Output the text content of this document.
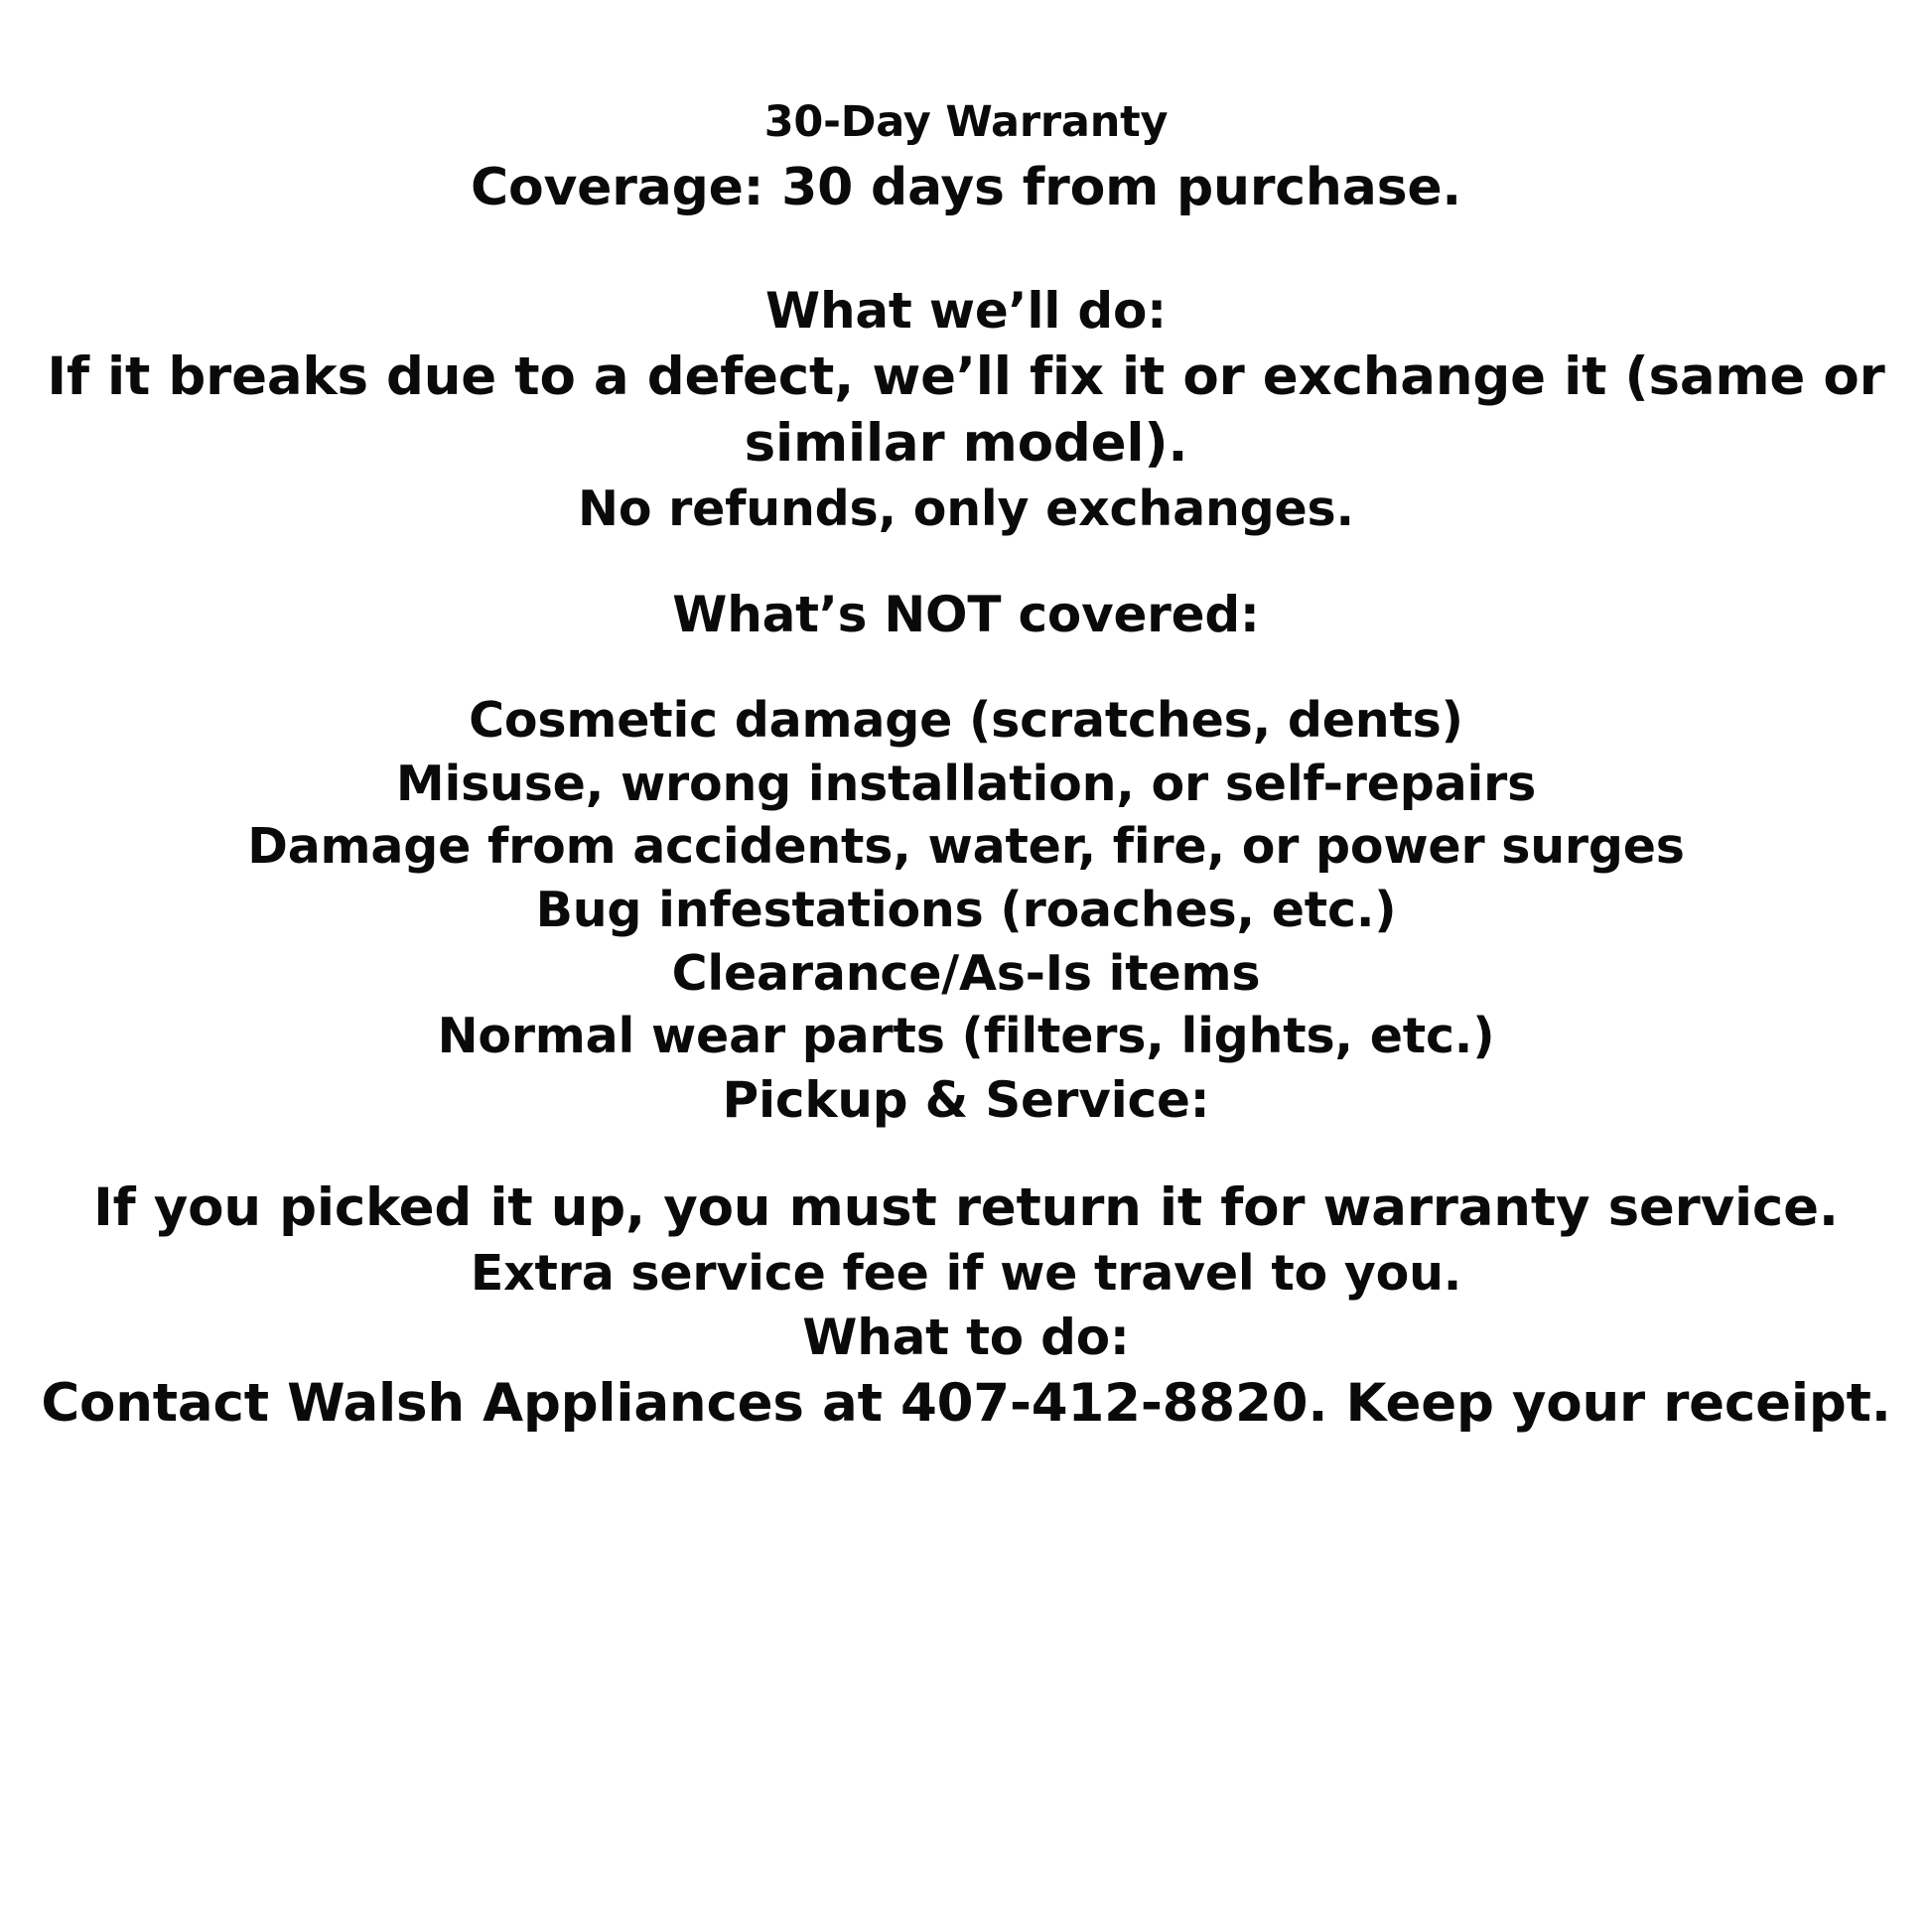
30-Day Warranty

Coverage: 30 days from purchase.

What we’ll do:

If it breaks due to a defect, we’ll fix it or exchange it (same or similar model).

No refunds, only exchanges.

What’s NOT covered:

Cosmetic damage (scratches, dents)

Misuse, wrong installation, or self-repairs

Damage from accidents, water, fire, or power surges

Bug infestations (roaches, etc.)

Clearance/As-Is items

Normal wear parts (filters, lights, etc.)

Pickup & Service:

If you picked it up, you must return it for warranty service.

Extra service fee if we travel to you.

What to do:

Contact Walsh Appliances at 407-412-8820. Keep your receipt.
